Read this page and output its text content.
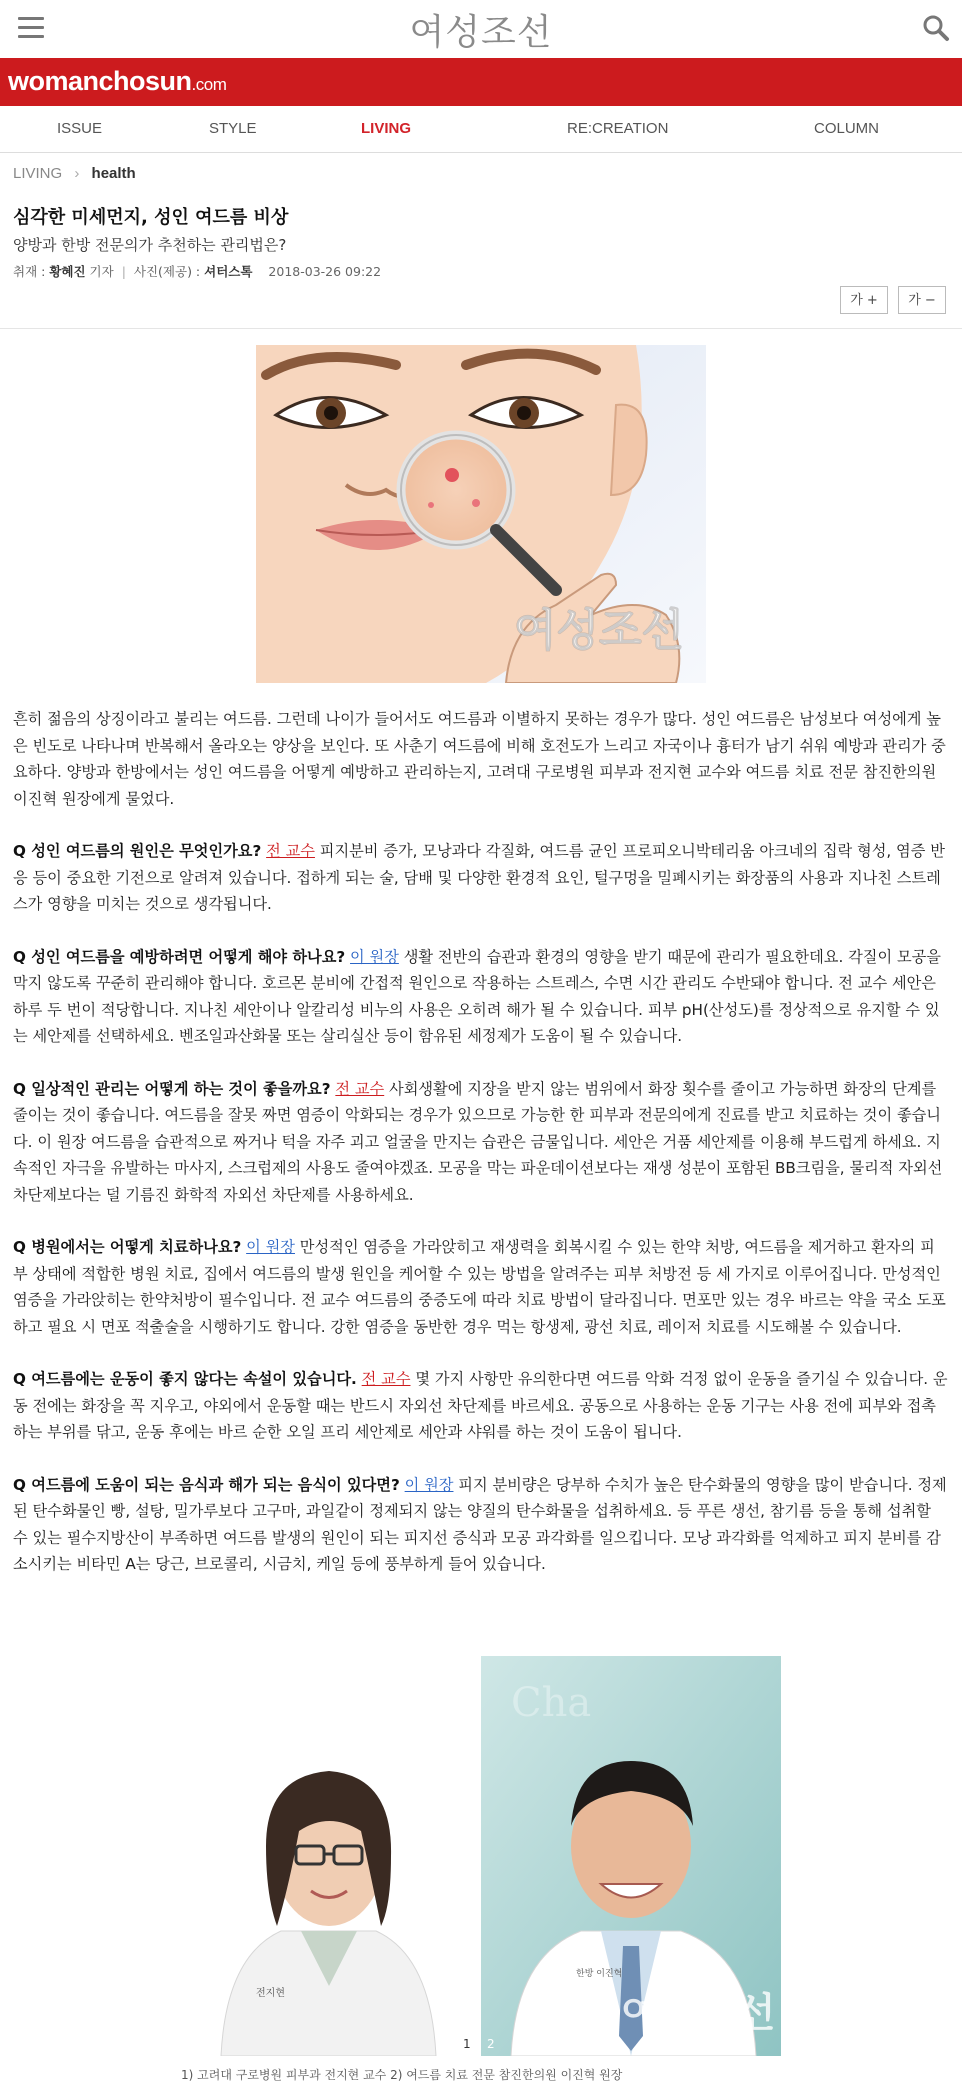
여성조선
womanchosun.com
ISSUE	STYLE	LIVING	RE:CREATION	COLUMN
LIVING › health
심각한 미세먼지, 성인 여드름 비상
양방과 한방 전문의가 추천하는 관리법은?
취재 : 황혜진 기자 | 사진(제공) : 셔터스톡 2018-03-26 09:22
가 +	가 −
여성조선

흔히 젊음의 상징이라고 불리는 여드름. 그런데 나이가 들어서도 여드름과 이별하지 못하는 경우가 많다. 성인 여드름은 남성보다 여성에게 높은 빈도로 나타나며 반복해서 올라오는 양상을 보인다. 또 사춘기 여드름에 비해 호전도가 느리고 자국이나 흉터가 남기 쉬워 예방과 관리가 중요하다. 양방과 한방에서는 성인 여드름을 어떻게 예방하고 관리하는지, 고려대 구로병원 피부과 전지현 교수와 여드름 치료 전문 참진한의원 이진혁 원장에게 물었다.

Q 성인 여드름의 원인은 무엇인가요? 전 교수 피지분비 증가, 모낭과다 각질화, 여드름 균인 프로피오니박테리움 아크네의 집락 형성, 염증 반응 등이 중요한 기전으로 알려져 있습니다. 접하게 되는 술, 담배 및 다양한 환경적 요인, 털구멍을 밀폐시키는 화장품의 사용과 지나친 스트레스가 영향을 미치는 것으로 생각됩니다.

Q 성인 여드름을 예방하려면 어떻게 해야 하나요? 이 원장 생활 전반의 습관과 환경의 영향을 받기 때문에 관리가 필요한데요. 각질이 모공을 막지 않도록 꾸준히 관리해야 합니다. 호르몬 분비에 간접적 원인으로 작용하는 스트레스, 수면 시간 관리도 수반돼야 합니다. 전 교수 세안은 하루 두 번이 적당합니다. 지나친 세안이나 알칼리성 비누의 사용은 오히려 해가 될 수 있습니다. 피부 pH(산성도)를 정상적으로 유지할 수 있는 세안제를 선택하세요. 벤조일과산화물 또는 살리실산 등이 함유된 세정제가 도움이 될 수 있습니다.

Q 일상적인 관리는 어떻게 하는 것이 좋을까요? 전 교수 사회생활에 지장을 받지 않는 범위에서 화장 횟수를 줄이고 가능하면 화장의 단계를 줄이는 것이 좋습니다. 여드름을 잘못 짜면 염증이 악화되는 경우가 있으므로 가능한 한 피부과 전문의에게 진료를 받고 치료하는 것이 좋습니다. 이 원장 여드름을 습관적으로 짜거나 턱을 자주 괴고 얼굴을 만지는 습관은 금물입니다. 세안은 거품 세안제를 이용해 부드럽게 하세요. 지속적인 자극을 유발하는 마사지, 스크럽제의 사용도 줄여야겠죠. 모공을 막는 파운데이션보다는 재생 성분이 포함된 BB크림을, 물리적 자외선 차단제보다는 덜 기름진 화학적 자외선 차단제를 사용하세요.

Q 병원에서는 어떻게 치료하나요? 이 원장 만성적인 염증을 가라앉히고 재생력을 회복시킬 수 있는 한약 처방, 여드름을 제거하고 환자의 피부 상태에 적합한 병원 치료, 집에서 여드름의 발생 원인을 케어할 수 있는 방법을 알려주는 피부 처방전 등 세 가지로 이루어집니다. 만성적인 염증을 가라앉히는 한약처방이 필수입니다. 전 교수 여드름의 중증도에 따라 치료 방법이 달라집니다. 면포만 있는 경우 바르는 약을 국소 도포하고 필요 시 면포 적출술을 시행하기도 합니다. 강한 염증을 동반한 경우 먹는 항생제, 광선 치료, 레이저 치료를 시도해볼 수 있습니다.

Q 여드름에는 운동이 좋지 않다는 속설이 있습니다. 전 교수 몇 가지 사항만 유의한다면 여드름 악화 걱정 없이 운동을 즐기실 수 있습니다. 운동 전에는 화장을 꼭 지우고, 야외에서 운동할 때는 반드시 자외선 차단제를 바르세요. 공동으로 사용하는 운동 기구는 사용 전에 피부와 접촉하는 부위를 닦고, 운동 후에는 바르 순한 오일 프리 세안제로 세안과 샤워를 하는 것이 도움이 됩니다.

Q 여드름에 도움이 되는 음식과 해가 되는 음식이 있다면? 이 원장 피지 분비량은 당부하 수치가 높은 탄수화물의 영향을 많이 받습니다. 정제된 탄수화물인 빵, 설탕, 밀가루보다 고구마, 과일같이 정제되지 않는 양질의 탄수화물을 섭취하세요. 등 푸른 생선, 참기름 등을 통해 섭취할 수 있는 필수지방산이 부족하면 여드름 발생의 원인이 되는 피지선 증식과 모공 과각화를 일으킵니다. 모낭 과각화를 억제하고 피지 분비를 감소시키는 비타민 A는 당근, 브로콜리, 시금치, 케일 등에 풍부하게 들어 있습니다.

전지현
1
Cha
한방 이진혁
여성조선
2
1) 고려대 구로병원 피부과 전지현 교수 2) 여드름 치료 전문 참진한의원 이진혁 원장
